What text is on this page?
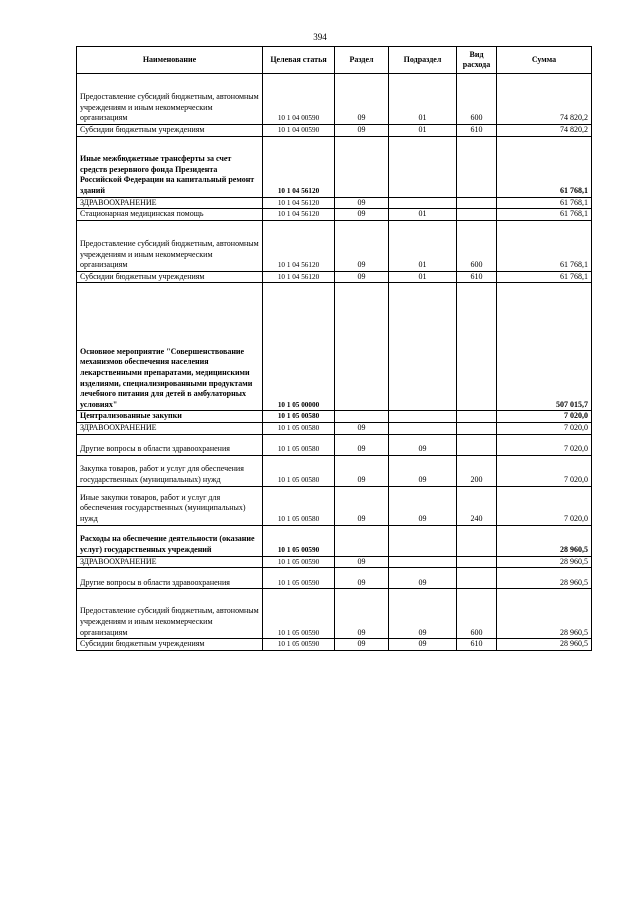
394
Наименование	Целевая статья	Раздел	Подраздел	Вид расхода	Сумма
Предоставление субсидий бюджетным, автономным учреждениям и иным некоммерческим организациям	10 1 04 00590	09	01	600	74 820,2
Субсидии бюджетным учреждениям	10 1 04 00590	09	01	610	74 820,2
Иные межбюджетные трансферты за счет средств резервного фонда Президента Российской Федерации на капитальный ремонт зданий	10 1 04 56120				61 768,1
ЗДРАВООХРАНЕНИЕ	10 1 04 56120	09			61 768,1
Стационарная медицинская помощь	10 1 04 56120	09	01		61 768,1
Предоставление субсидий бюджетным, автономным учреждениям и иным некоммерческим организациям	10 1 04 56120	09	01	600	61 768,1
Субсидии бюджетным учреждениям	10 1 04 56120	09	01	610	61 768,1
Основное мероприятие "Совершенствование механизмов обеспечения населения лекарственными препаратами, медицинскими изделиями, специализированными продуктами лечебного питания для детей в амбулаторных условиях"	10 1 05 00000				507 015,7
Централизованные закупки	10 1 05 00580				7 020,0
ЗДРАВООХРАНЕНИЕ	10 1 05 00580	09			7 020,0
Другие вопросы в области здравоохранения	10 1 05 00580	09	09		7 020,0
Закупка товаров, работ и услуг для обеспечения государственных (муниципальных) нужд	10 1 05 00580	09	09	200	7 020,0
Иные закупки товаров, работ и услуг для обеспечения государственных (муниципальных) нужд	10 1 05 00580	09	09	240	7 020,0
Расходы на обеспечение деятельности (оказание услуг) государственных учреждений	10 1 05 00590				28 960,5
ЗДРАВООХРАНЕНИЕ	10 1 05 00590	09			28 960,5
Другие вопросы в области здравоохранения	10 1 05 00590	09	09		28 960,5
Предоставление субсидий бюджетным, автономным учреждениям и иным некоммерческим организациям	10 1 05 00590	09	09	600	28 960,5
Субсидии бюджетным учреждениям	10 1 05 00590	09	09	610	28 960,5
